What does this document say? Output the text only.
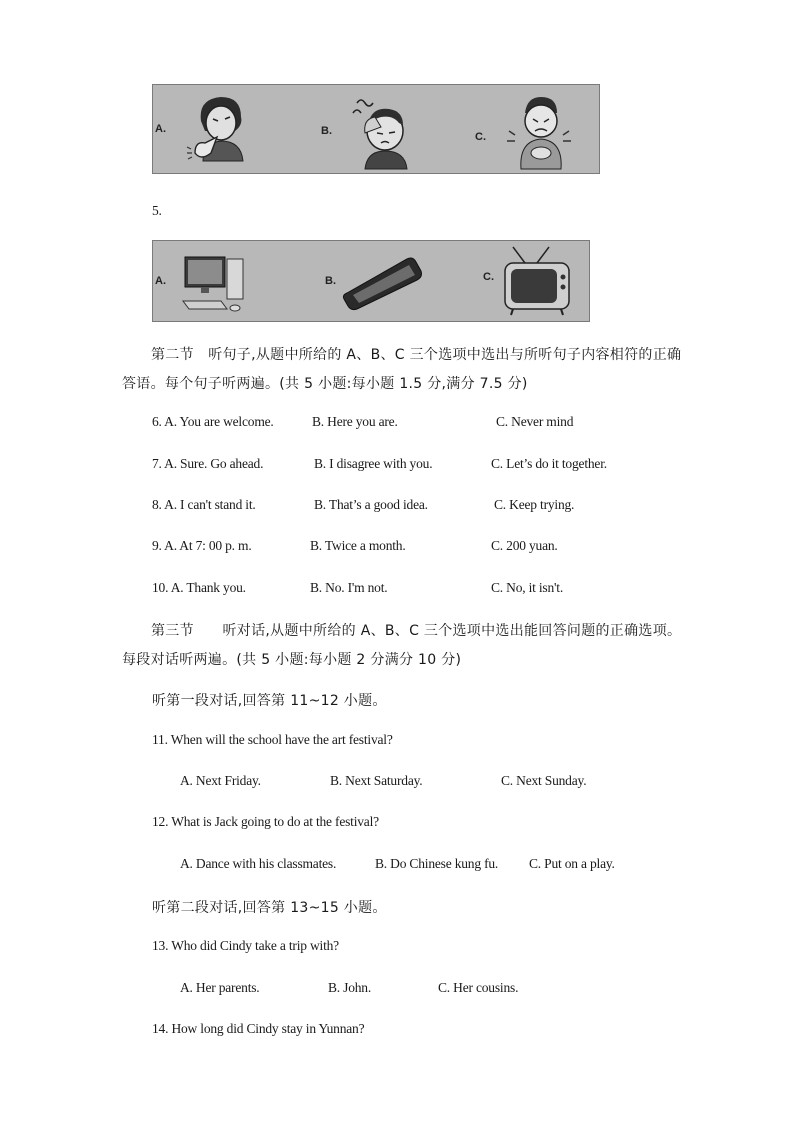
A.	B.	C.
5.
A.	B.	C.
第二节　听句子,从题中所给的 A、B、C 三个选项中选出与所听句子内容相符的正确
答语。每个句子听两遍。(共 5 小题:每小题 1.5 分,满分 7.5 分)
6. A. You are welcome.	B. Here you are.	C. Never mind
7. A. Sure. Go ahead.	B. I disagree with you.	C. Let’s do it together.
8. A. I can't stand it.	B. That’s a good idea.	C. Keep trying.
9. A. At 7: 00 p. m.	B. Twice a month.	C. 200 yuan.
10. A. Thank you.	B. No. I'm not.	C. No, it isn't.
第三节　　听对话,从题中所给的 A、B、C 三个选项中选出能回答问题的正确选项。
每段对话听两遍。(共 5 小题:每小题 2 分满分 10 分)
听第一段对话,回答第 11~12 小题。
11. When will the school have the art festival?
A. Next Friday.	B. Next Saturday.	C. Next Sunday.
12. What is Jack going to do at the festival?
A. Dance with his classmates.	B. Do Chinese kung fu. C. Put on a play.
听第二段对话,回答第 13~15 小题。
13. Who did Cindy take a trip with?
A. Her parents.	B. John.	C. Her cousins.
14. How long did Cindy stay in Yunnan?
